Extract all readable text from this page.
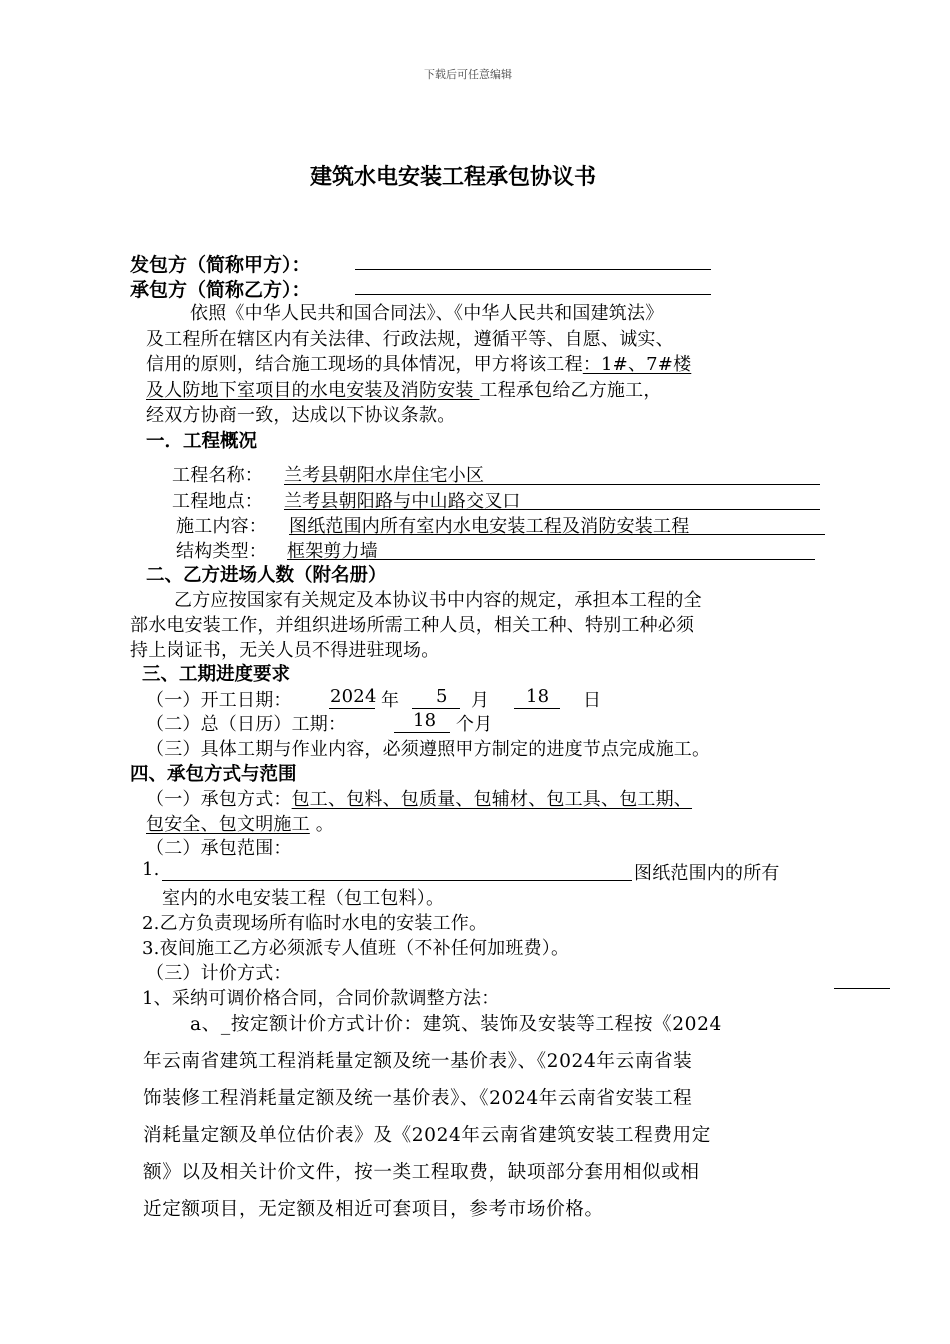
下载后可任意编辑
建筑水电安装工程承包协议书
发包方（简称甲方）：
承包方（简称乙方）：
依照《中华人民共和国合同法》、《中华人民共和国建筑法》
及工程所在辖区内有关法律、行政法规，遵循平等、自愿、诚实、
信用的原则，结合施工现场的具体情况，甲方将该工程：1#、7#楼
及人防地下室项目的水电安装及消防安装 工程承包给乙方施工，
经双方协商一致，达成以下协议条款。
一．工程概况
工程名称： 兰考县朝阳水岸住宅小区
工程地点： 兰考县朝阳路与中山路交叉口
施工内容： 图纸范围内所有室内水电安装工程及消防安装工程
结构类型： 框架剪力墙
二、乙方进场人数（附名册）
乙方应按国家有关规定及本协议书中内容的规定，承担本工程的全
部水电安装工作，并组织进场所需工种人员，相关工种、特别工种必须
持上岗证书，无关人员不得进驻现场。
三、工期进度要求
（一）开工日期： 2024 年 5 月 18 日
（二）总（日历）工期：	18 个月
（三）具体工期与作业内容，必须遵照甲方制定的进度节点完成施工。
四、承包方式与范围
（一）承包方式：包工、包料、包质量、包辅材、包工具、包工期、
包安全、包文明施工 。
（二）承包范围：
1.	图纸范围内的所有
室内的水电安装工程（包工包料）。
2.乙方负责现场所有临时水电的安装工作。
3.夜间施工乙方必须派专人值班（不补任何加班费）。
（三）计价方式：
1、采纳可调价格合同，合同价款调整方法：
a、_按定额计价方式计价：建筑、装饰及安装等工程按《2024
年云南省建筑工程消耗量定额及统一基价表》、《2024年云南省装
饰装修工程消耗量定额及统一基价表》、《2024年云南省安装工程
消耗量定额及单位估价表》及《2024年云南省建筑安装工程费用定
额》以及相关计价文件，按一类工程取费，缺项部分套用相似或相
近定额项目，无定额及相近可套项目，参考市场价格。
